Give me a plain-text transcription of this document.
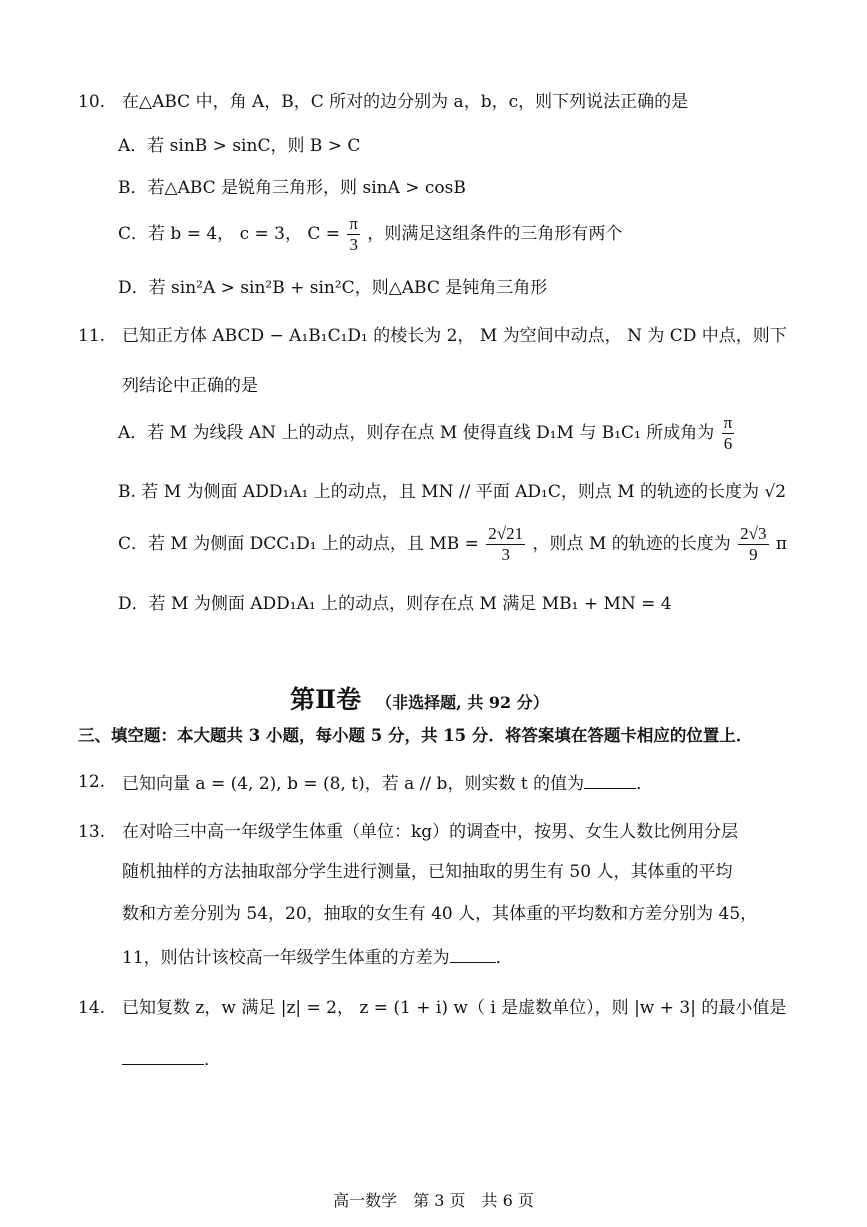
10. 在△ABC 中，角 A，B，C 所对的边分别为 a，b，c，则下列说法正确的是
A．若 sinB > sinC，则 B > C
B．若△ABC 是锐角三角形，则 sinA > cosB
C．若 b = 4， c = 3， $C = \frac{\pi}{3}$ ，则满足这组条件的三角形有两个
D．若 sin²A > sin²B + sin²C，则△ABC 是钝角三角形
11. 已知正方体 ABCD − A₁B₁C₁D₁ 的棱长为 2， M 为空间中动点， N 为 CD 中点，则下
列结论中正确的是
A．若 M 为线段 AN 上的动点，则存在点 M 使得直线 D₁M 与 B₁C₁ 所成角为 $\frac{\pi}{6}$
B. 若 M 为侧面 ADD₁A₁ 上的动点，且 MN // 平面 AD₁C，则点 M 的轨迹的长度为 √2
C．若 M 为侧面 DCC₁D₁ 上的动点，且 MB = $\frac{2√21}{3}$ ，则点 M 的轨迹的长度为 $\frac{2√3}{9}$ π
D．若 M 为侧面 ADD₁A₁ 上的动点，则存在点 M 满足 MB₁ + MN = 4
第Ⅱ卷 （非选择题, 共 92 分）
三、填空题：本大题共 3 小题，每小题 5 分，共 15 分．将答案填在答题卡相应的位置上．
12. 已知向量 a = (4, 2), b = (8, t)，若 a // b，则实数 t 的值为	．
13. 在对哈三中高一年级学生体重（单位：kg）的调查中，按男、女生人数比例用分层
随机抽样的方法抽取部分学生进行测量，已知抽取的男生有 50 人，其体重的平均
数和方差分别为 54，20，抽取的女生有 40 人，其体重的平均数和方差分别为 45，
11，则估计该校高一年级学生体重的方差为	．
14. 已知复数 z，w 满足 |z| = 2， z = (1 + i) w（ i 是虚数单位），则 |w + 3| 的最小值是
．
高一数学　第 3 页　共 6 页
